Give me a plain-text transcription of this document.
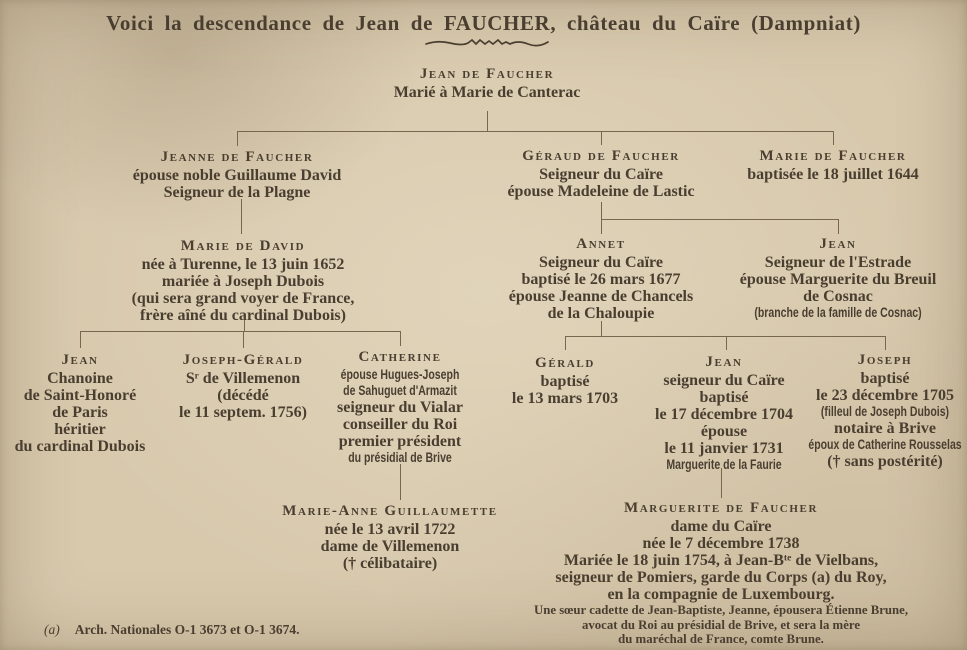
Voici la descendance de Jean de FAUCHER, château du Caïre (Dampniat)
Jean de Faucher
Marié à Marie de Canterac
Jeanne de Faucher
épouse noble Guillaume David
Seigneur de la Plagne
Géraud de Faucher
Seigneur du Caïre
épouse Madeleine de Lastic
Marie de Faucher
baptisée le 18 juillet 1644
Marie de David
née à Turenne, le 13 juin 1652
mariée à Joseph Dubois
(qui sera grand voyer de France,
frère aîné du cardinal Dubois)
Annet
Seigneur du Caïre
baptisé le 26 mars 1677
épouse Jeanne de Chancels
de la Chaloupie
Jean
Seigneur de l'Estrade
épouse Marguerite du Breuil
de Cosnac
(branche de la famille de Cosnac)
Jean
Chanoine
de Saint-Honoré
de Paris
héritier
du cardinal Dubois
Joseph-Gérald
Sʳ de Villemenon
(décédé
le 11 septem. 1756)
Catherine
épouse Hugues-Joseph
de Sahuguet d'Armazit
seigneur du Vialar
conseiller du Roi
premier président
du présidial de Brive
Gérald
baptisé
le 13 mars 1703
Jean
seigneur du Caïre
baptisé
le 17 décembre 1704
épouse
le 11 janvier 1731
Marguerite de la Faurie
Joseph
baptisé
le 23 décembre 1705
(filleul de Joseph Dubois)
notaire à Brive
époux de Catherine Rousselas
(† sans postérité)
Marie-Anne Guillaumette
née le 13 avril 1722
dame de Villemenon
(† célibataire)
Marguerite de Faucher
dame du Caïre
née le 7 décembre 1738
Mariée le 18 juin 1754, à Jean-Bᵗᵉ de Vielbans,
seigneur de Pomiers, garde du Corps (a) du Roy,
en la compagnie de Luxembourg.
Une sœur cadette de Jean-Baptiste, Jeanne, épousera Étienne Brune,
avocat du Roi au présidial de Brive, et sera la mère
du maréchal de France, comte Brune.
(a) Arch. Nationales O-1 3673 et O-1 3674.
